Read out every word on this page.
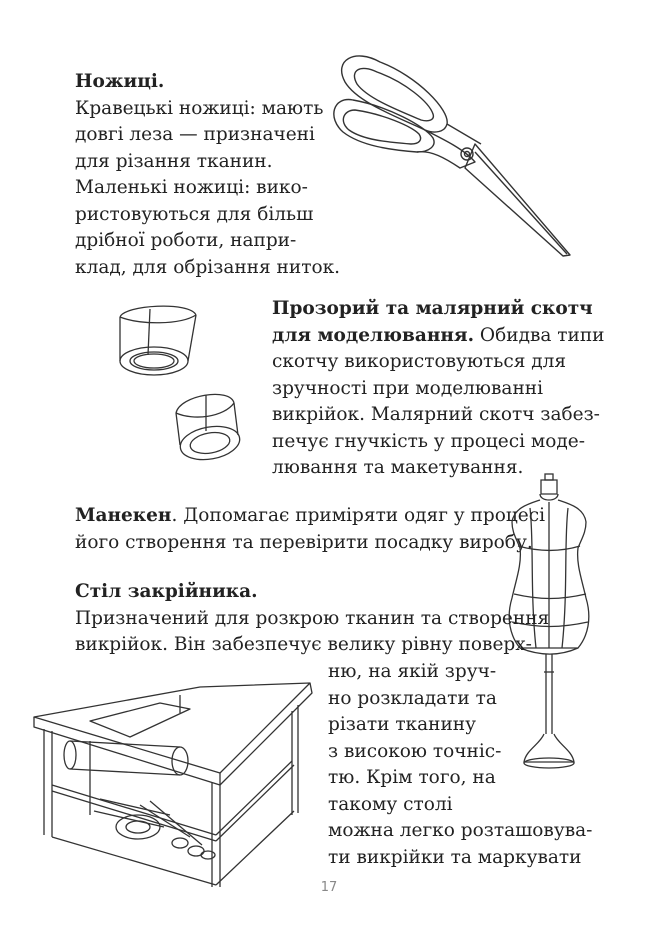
Ножиці.
Кравецькі ножиці: мають
довгі леза — призначені
для різання тканин.
Маленькі ножиці: вико-
ристовуються для більш
дрібної роботи, напри-
клад, для обрізання ниток.
Прозорий та малярний скотч
для моделювання. Обидва типи
скотчу використовуються для
зручності при моделюванні
викрійок. Малярний скотч забез-
печує гнучкість у процесі моде-
лювання та макетування.
Манекен. Допомагає приміряти одяг у процесі
його створення та перевірити посадку виробу.
Стіл закрійника.
Призначений для розкрою тканин та створення
викрійок. Він забезпечує велику рівну поверх-
ню, на якій зруч-
но розкладати та
різати тканину
з високою точніс-
тю. Крім того, на
такому столі
можна легко розташовува-
ти викрійки та маркувати
17
